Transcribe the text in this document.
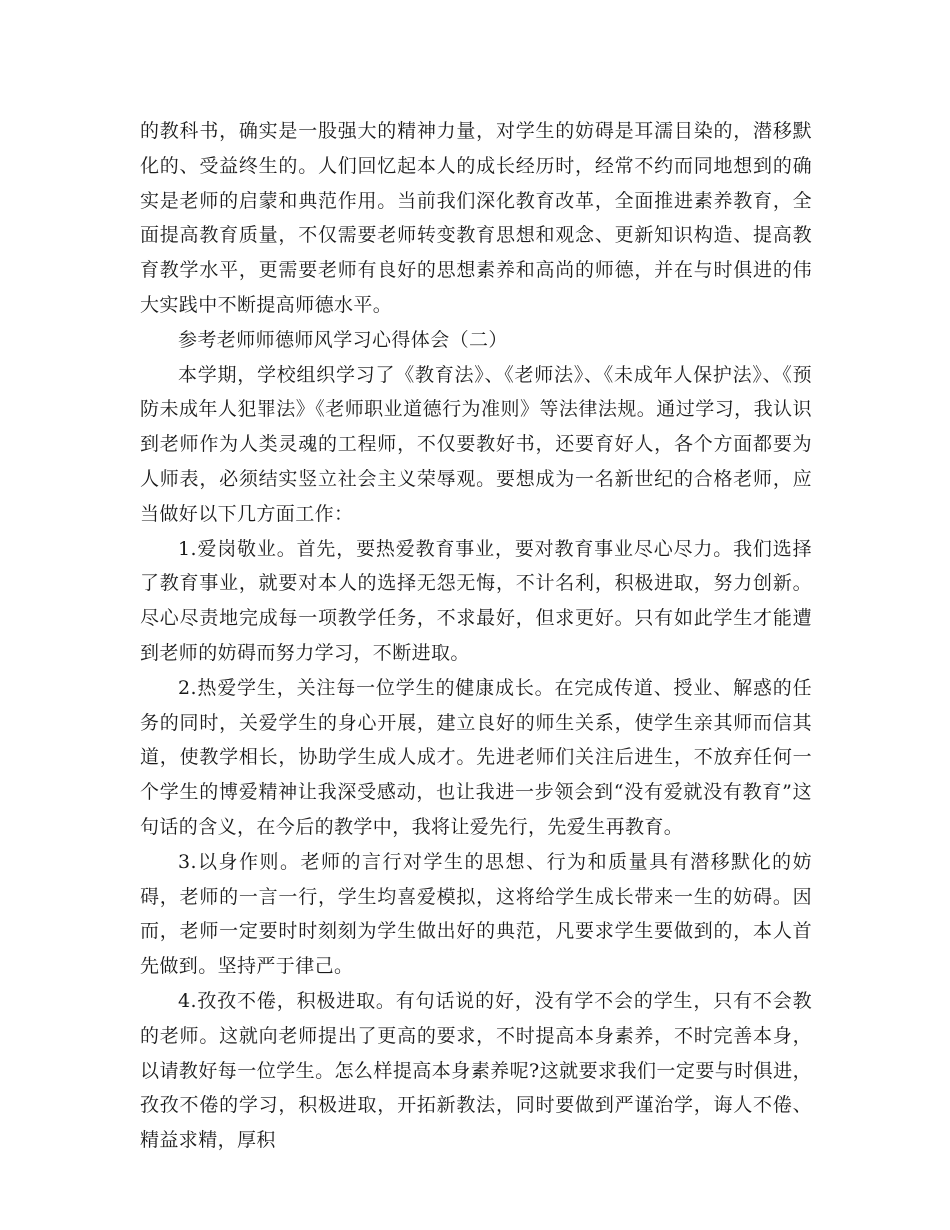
的教科书，确实是一股强大的精神力量，对学生的妨碍是耳濡目染的，潜移默化的、受益终生的。人们回忆起本人的成长经历时，经常不约而同地想到的确实是老师的启蒙和典范作用。当前我们深化教育改革，全面推进素养教育，全面提高教育质量，不仅需要老师转变教育思想和观念、更新知识构造、提高教育教学水平，更需要老师有良好的思想素养和高尚的师德，并在与时俱进的伟大实践中不断提高师德水平。

参考老师师德师风学习心得体会（二）

本学期，学校组织学习了《教育法》、《老师法》、《未成年人保护法》、《预防未成年人犯罪法》《老师职业道德行为准则》等法律法规。通过学习，我认识到老师作为人类灵魂的工程师，不仅要教好书，还要育好人，各个方面都要为人师表，必须结实竖立社会主义荣辱观。要想成为一名新世纪的合格老师，应当做好以下几方面工作：

1.爱岗敬业。首先，要热爱教育事业，要对教育事业尽心尽力。我们选择了教育事业，就要对本人的选择无怨无悔，不计名利，积极进取，努力创新。尽心尽责地完成每一项教学任务，不求最好，但求更好。只有如此学生才能遭到老师的妨碍而努力学习，不断进取。

2.热爱学生，关注每一位学生的健康成长。在完成传道、授业、解惑的任务的同时，关爱学生的身心开展，建立良好的师生关系，使学生亲其师而信其道，使教学相长，协助学生成人成才。先进老师们关注后进生，不放弃任何一个学生的博爱精神让我深受感动，也让我进一步领会到“没有爱就没有教育”这句话的含义，在今后的教学中，我将让爱先行，先爱生再教育。

3.以身作则。老师的言行对学生的思想、行为和质量具有潜移默化的妨碍，老师的一言一行，学生均喜爱模拟，这将给学生成长带来一生的妨碍。因而，老师一定要时时刻刻为学生做出好的典范，凡要求学生要做到的，本人首先做到。坚持严于律己。

4.孜孜不倦，积极进取。有句话说的好，没有学不会的学生，只有不会教的老师。这就向老师提出了更高的要求，不时提高本身素养，不时完善本身，以请教好每一位学生。怎么样提高本身素养呢?这就要求我们一定要与时俱进，孜孜不倦的学习，积极进取，开拓新教法，同时要做到严谨治学，诲人不倦、精益求精，厚积
